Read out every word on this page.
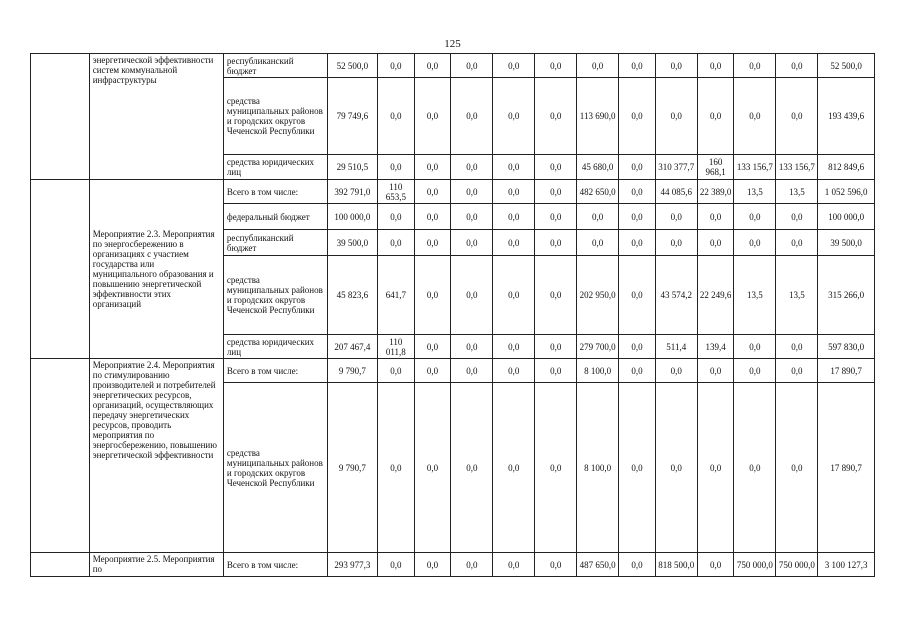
125
	энергетической эффективности систем коммунальной инфраструктуры	республиканский бюджет	52 500,0	0,0	0,0	0,0	0,0	0,0	0,0	0,0	0,0	0,0	0,0	0,0	52 500,0
		средства муниципальных районов и городских округов Чеченской Республики	79 749,6	0,0	0,0	0,0	0,0	0,0	113 690,0	0,0	0,0	0,0	0,0	0,0	193 439,6
		средства юридических лиц	29 510,5	0,0	0,0	0,0	0,0	0,0	45 680,0	0,0	310 377,7	160 968,1	133 156,7	133 156,7	812 849,6
	Мероприятие 2.3. Мероприятия по энергосбережению в организациях с участием государства или муниципального образования и повышению энергетической эффективности этих организаций	Всего в том числе:	392 791,0	110 653,5	0,0	0,0	0,0	0,0	482 650,0	0,0	44 085,6	22 389,0	13,5	13,5	1 052 596,0
		федеральный бюджет	100 000,0	0,0	0,0	0,0	0,0	0,0	0,0	0,0	0,0	0,0	0,0	0,0	100 000,0
		республиканский бюджет	39 500,0	0,0	0,0	0,0	0,0	0,0	0,0	0,0	0,0	0,0	0,0	0,0	39 500,0
		средства муниципальных районов и городских округов Чеченской Республики	45 823,6	641,7	0,0	0,0	0,0	0,0	202 950,0	0,0	43 574,2	22 249,6	13,5	13,5	315 266,0
		средства юридических лиц	207 467,4	110 011,8	0,0	0,0	0,0	0,0	279 700,0	0,0	511,4	139,4	0,0	0,0	597 830,0
	Мероприятие 2.4. Мероприятия по стимулированию производителей и потребителей энергетических ресурсов, организаций, осуществляющих передачу энергетических ресурсов, проводить мероприятия по энергосбережению, повышению энергетической эффективности	Всего в том числе:	9 790,7	0,0	0,0	0,0	0,0	0,0	8 100,0	0,0	0,0	0,0	0,0	0,0	17 890,7
		средства муниципальных районов и городских округов Чеченской Республики	9 790,7	0,0	0,0	0,0	0,0	0,0	8 100,0	0,0	0,0	0,0	0,0	0,0	17 890,7
	Мероприятие 2.5. Мероприятия по	Всего в том числе:	293 977,3	0,0	0,0	0,0	0,0	0,0	487 650,0	0,0	818 500,0	0,0	750 000,0	750 000,0	3 100 127,3
